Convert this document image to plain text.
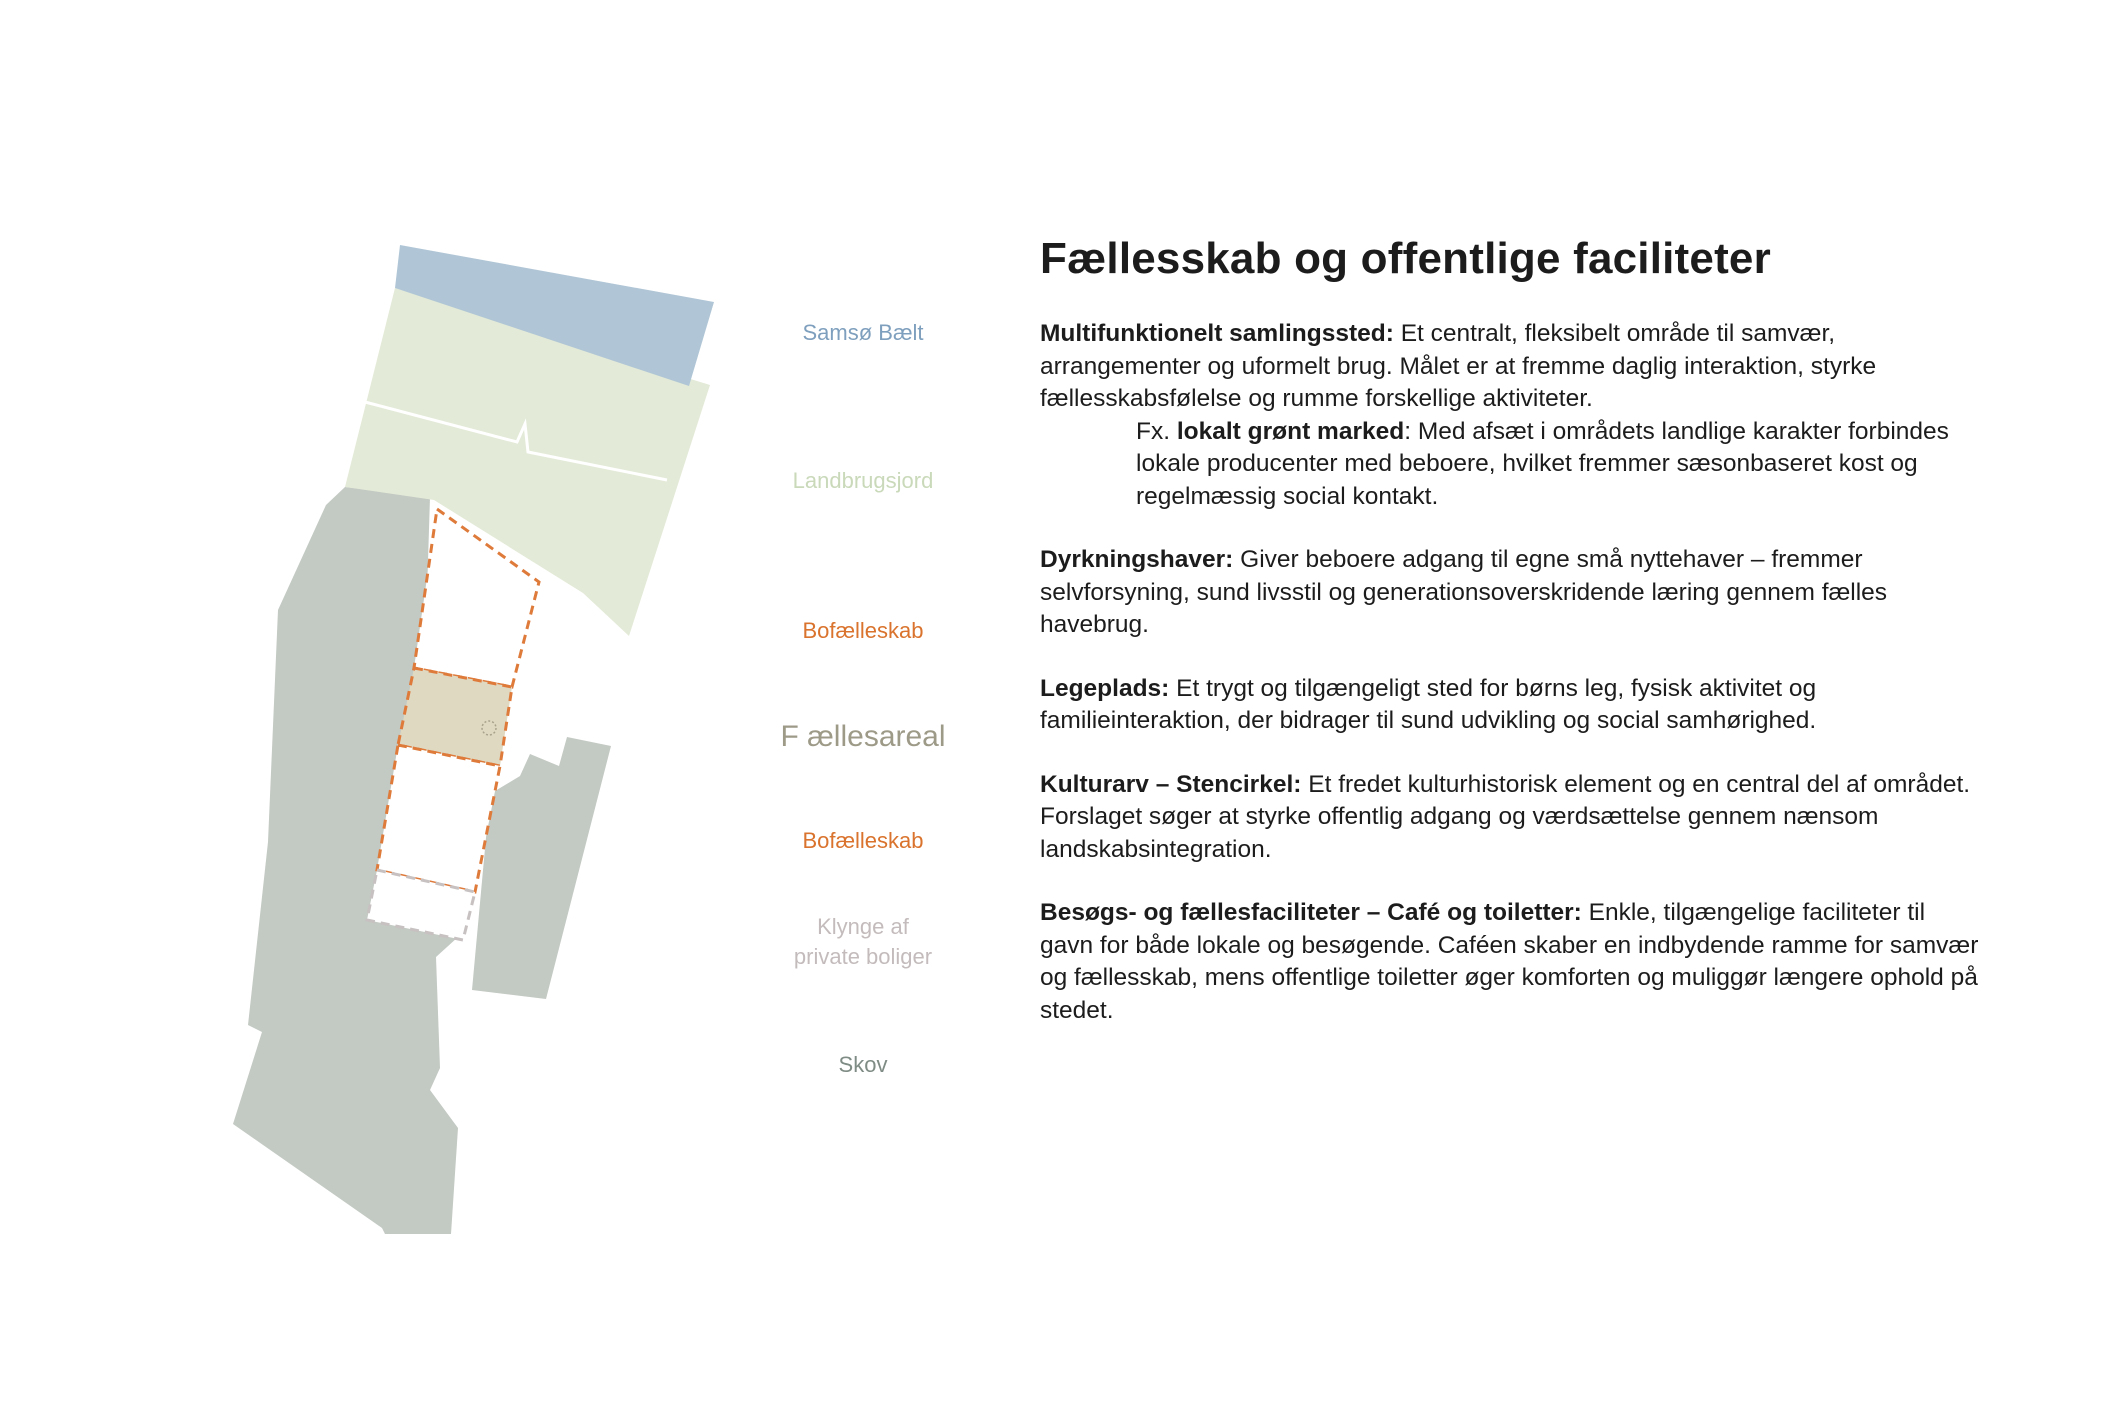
Samsø Bælt
Landbrugsjord
Bofælleskab
F ællesareal
Bofælleskab
Klynge af
private boliger
Skov
Fællesskab og offentlige faciliteter

Multifunktionelt samlingssted: Et centralt, fleksibelt område til samvær, arrangementer og uformelt brug. Målet er at fremme daglig interaktion, styrke fællesskabsfølelse og rumme forskellige aktiviteter.
Fx. lokalt grønt marked: Med afsæt i områdets landlige karakter forbindes lokale producenter med beboere, hvilket fremmer sæsonbaseret kost og regelmæssig social kontakt.

Dyrkningshaver: Giver beboere adgang til egne små nyttehaver – fremmer selvforsyning, sund livsstil og generationsoverskridende læring gennem fælles havebrug.

Legeplads: Et trygt og tilgængeligt sted for børns leg, fysisk aktivitet og familieinteraktion, der bidrager til sund udvikling og social samhørighed.

Kulturarv – Stencirkel: Et fredet kulturhistorisk element og en central del af området. Forslaget søger at styrke offentlig adgang og værdsættelse gennem nænsom landskabsintegration.

Besøgs- og fællesfaciliteter – Café og toiletter: Enkle, tilgængelige faciliteter til gavn for både lokale og besøgende. Caféen skaber en indbydende ramme for samvær og fællesskab, mens offentlige toiletter øger komforten og muliggør længere ophold på stedet.
